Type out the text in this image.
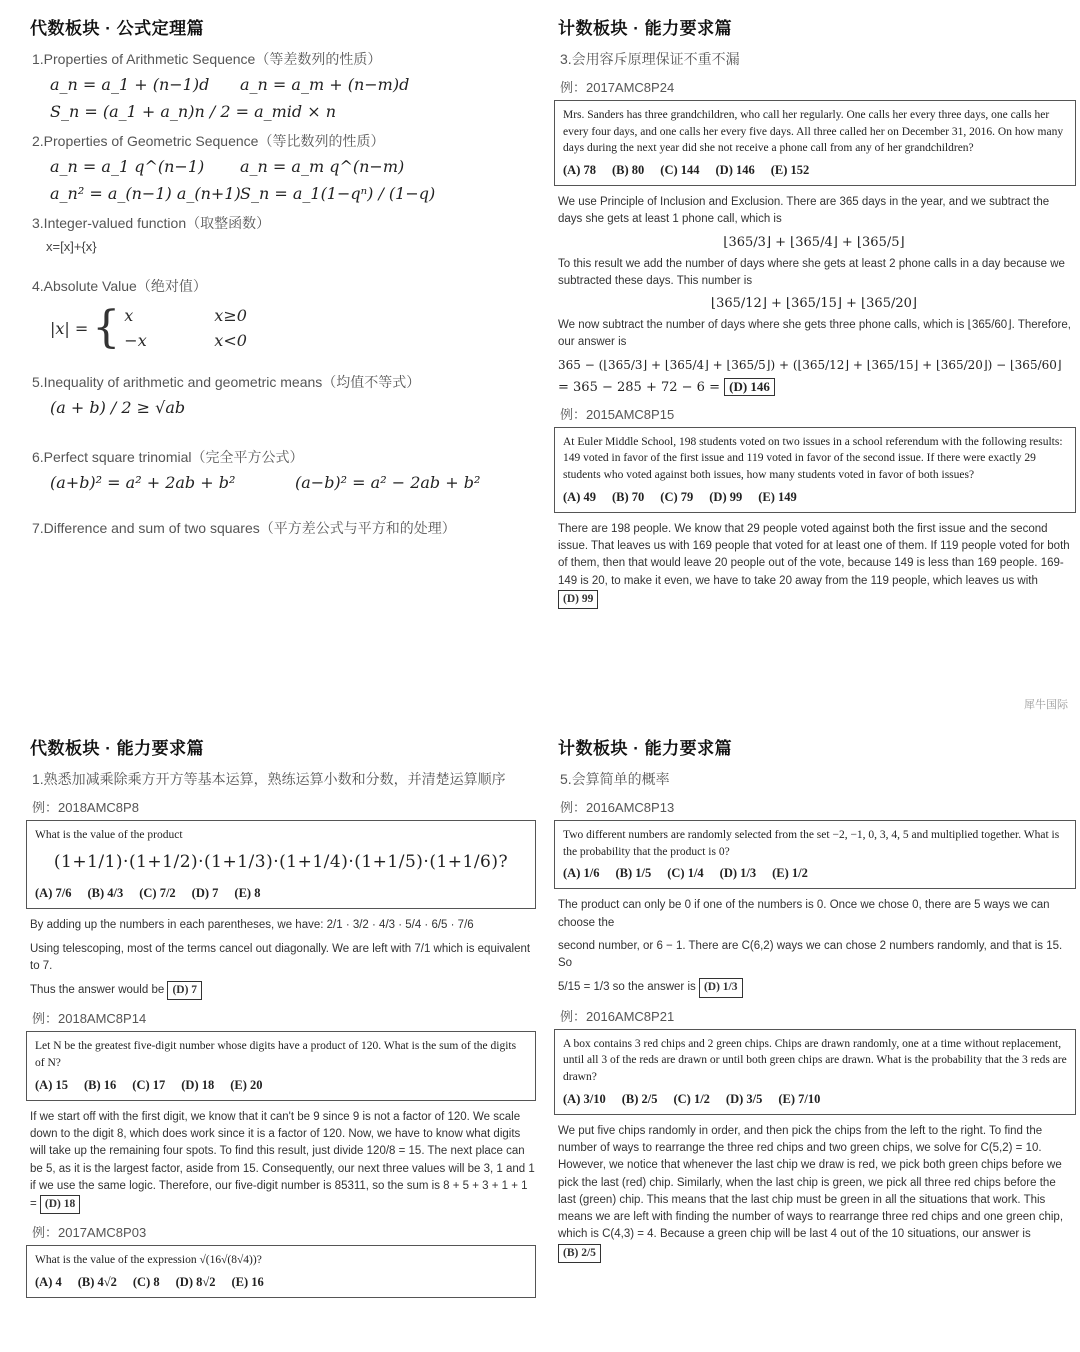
代数板块 · 公式定理篇
1.Properties of Arithmetic Sequence（等差数列的性质）
a_n = a_1 + (n−1)d	a_n = a_m + (n−m)d
S_n = (a_1 + a_n)n / 2 = a_mid × n
2.Properties of Geometric Sequence（等比数列的性质）
a_n = a_1 q^(n−1)	a_n = a_m q^(n−m)
a_n² = a_(n−1) a_(n+1) S_n = a_1(1−qⁿ) / (1−q)
3.Integer-valued function（取整函数）
x=[x]+{x}
4.Absolute Value（绝对值）
|x| = { x	x≥0
−x	x<0
5.Inequality of arithmetic and geometric means（均值不等式）
(a + b) / 2 ≥ √ab
6.Perfect square trinomial（完全平方公式）
(a+b)² = a² + 2ab + b²	(a−b)² = a² − 2ab + b²
7.Difference and sum of two squares（平方差公式与平方和的处理）
计数板块 · 能力要求篇
3.会用容斥原理保证不重不漏
例：2017AMC8P24
Mrs. Sanders has three grandchildren, who call her regularly. One calls her every three days, one calls her every four days, and one calls her every five days. All three called her on December 31, 2016. On how many days during the next year did she not receive a phone call from any of her grandchildren?
(A) 78 (B) 80 (C) 144 (D) 146 (E) 152
We use Principle of Inclusion and Exclusion. There are 365 days in the year, and we subtract the days she gets at least 1 phone call, which is
⌊365/3⌋ + ⌊365/4⌋ + ⌊365/5⌋
To this result we add the number of days where she gets at least 2 phone calls in a day because we subtracted these days. This number is
⌊365/12⌋ + ⌊365/15⌋ + ⌊365/20⌋
We now subtract the number of days where she gets three phone calls, which is ⌊365/60⌋. Therefore, our answer is
365 − (⌊365/3⌋ + ⌊365/4⌋ + ⌊365/5⌋) + (⌊365/12⌋ + ⌊365/15⌋ + ⌊365/20⌋) − ⌊365/60⌋
= 365 − 285 + 72 − 6 = (D) 146
例：2015AMC8P15
At Euler Middle School, 198 students voted on two issues in a school referendum with the following results: 149 voted in favor of the first issue and 119 voted in favor of the second issue. If there were exactly 29 students who voted against both issues, how many students voted in favor of both issues?
(A) 49 (B) 70 (C) 79 (D) 99 (E) 149
There are 198 people. We know that 29 people voted against both the first issue and the second issue. That leaves us with 169 people that voted for at least one of them. If 119 people voted for both of them, then that would leave 20 people out of the vote, because 149 is less than 169 people. 169-149 is 20, to make it even, we have to take 20 away from the 119 people, which leaves us with (D) 99
犀牛国际
代数板块 · 能力要求篇
1.熟悉加减乘除乘方开方等基本运算，熟练运算小数和分数，并清楚运算顺序
例：2018AMC8P8
What is the value of the product
(1+1/1)·(1+1/2)·(1+1/3)·(1+1/4)·(1+1/5)·(1+1/6)?
(A) 7/6 (B) 4/3 (C) 7/2 (D) 7 (E) 8
By adding up the numbers in each parentheses, we have: 2/1 · 3/2 · 4/3 · 5/4 · 6/5 · 7/6
Using telescoping, most of the terms cancel out diagonally. We are left with 7/1 which is equivalent to 7.
Thus the answer would be (D) 7
例：2018AMC8P14
Let N be the greatest five-digit number whose digits have a product of 120. What is the sum of the digits of N?
(A) 15 (B) 16 (C) 17 (D) 18 (E) 20
If we start off with the first digit, we know that it can't be 9 since 9 is not a factor of 120. We scale down to the digit 8, which does work since it is a factor of 120. Now, we have to know what digits will take up the remaining four spots. To find this result, just divide 120/8 = 15. The next place can be 5, as it is the largest factor, aside from 15. Consequently, our next three values will be 3, 1 and 1 if we use the same logic. Therefore, our five-digit number is 85311, so the sum is 8 + 5 + 3 + 1 + 1 = (D) 18
例：2017AMC8P03
What is the value of the expression √(16√(8√4))?
(A) 4 (B) 4√2 (C) 8 (D) 8√2 (E) 16
计数板块 · 能力要求篇
5.会算简单的概率
例：2016AMC8P13
Two different numbers are randomly selected from the set −2, −1, 0, 3, 4, 5 and multiplied together. What is the probability that the product is 0?
(A) 1/6 (B) 1/5 (C) 1/4 (D) 1/3 (E) 1/2
The product can only be 0 if one of the numbers is 0. Once we chose 0, there are 5 ways we can choose the
second number, or 6 − 1. There are C(6,2) ways we can chose 2 numbers randomly, and that is 15. So
5/15 = 1/3 so the answer is (D) 1/3
例：2016AMC8P21
A box contains 3 red chips and 2 green chips. Chips are drawn randomly, one at a time without replacement, until all 3 of the reds are drawn or until both green chips are drawn. What is the probability that the 3 reds are drawn?
(A) 3/10 (B) 2/5 (C) 1/2 (D) 3/5 (E) 7/10
We put five chips randomly in order, and then pick the chips from the left to the right. To find the number of ways to rearrange the three red chips and two green chips, we solve for C(5,2) = 10. However, we notice that whenever the last chip we draw is red, we pick both green chips before we pick the last (red) chip. Similarly, when the last chip is green, we pick all three red chips before the last (green) chip. This means that the last chip must be green in all the situations that work. This means we are left with finding the number of ways to rearrange three red chips and one green chip, which is C(4,3) = 4. Because a green chip will be last 4 out of the 10 situations, our answer is (B) 2/5
